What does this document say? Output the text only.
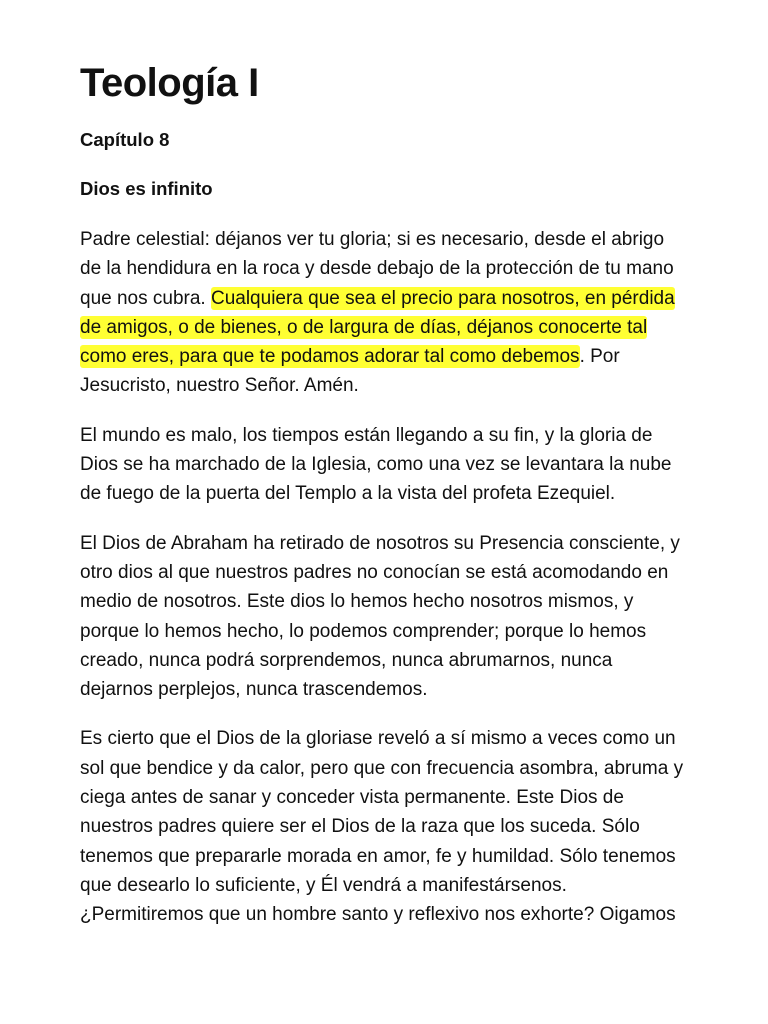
Teología I
Capítulo 8
Dios es infinito

Padre celestial: déjanos ver tu gloria; si es necesario, desde el abrigo
de la hendidura en la roca y desde debajo de la protección de tu mano
que nos cubra. Cualquiera que sea el precio para nosotros, en pérdida
de amigos, o de bienes, o de largura de días, déjanos conocerte tal
como eres, para que te podamos adorar tal como debemos. Por
Jesucristo, nuestro Señor. Amén.

El mundo es malo, los tiempos están llegando a su fin, y la gloria de
Dios se ha marchado de la Iglesia, como una vez se levantara la nube
de fuego de la puerta del Templo a la vista del profeta Ezequiel.

El Dios de Abraham ha retirado de nosotros su Presencia consciente, y
otro dios al que nuestros padres no conocían se está acomodando en
medio de nosotros. Este dios lo hemos hecho nosotros mismos, y
porque lo hemos hecho, lo podemos comprender; porque lo hemos
creado, nunca podrá sorprendemos, nunca abrumarnos, nunca
dejarnos perplejos, nunca trascendemos.

Es cierto que el Dios de la gloriase reveló a sí mismo a veces como un
sol que bendice y da calor, pero que con frecuencia asombra, abruma y
ciega antes de sanar y conceder vista permanente. Este Dios de
nuestros padres quiere ser el Dios de la raza que los suceda. Sólo
tenemos que prepararle morada en amor, fe y humildad. Sólo tenemos
que desearlo lo suficiente, y Él vendrá a manifestársenos.
¿Permitiremos que un hombre santo y reflexivo nos exhorte? Oigamos
